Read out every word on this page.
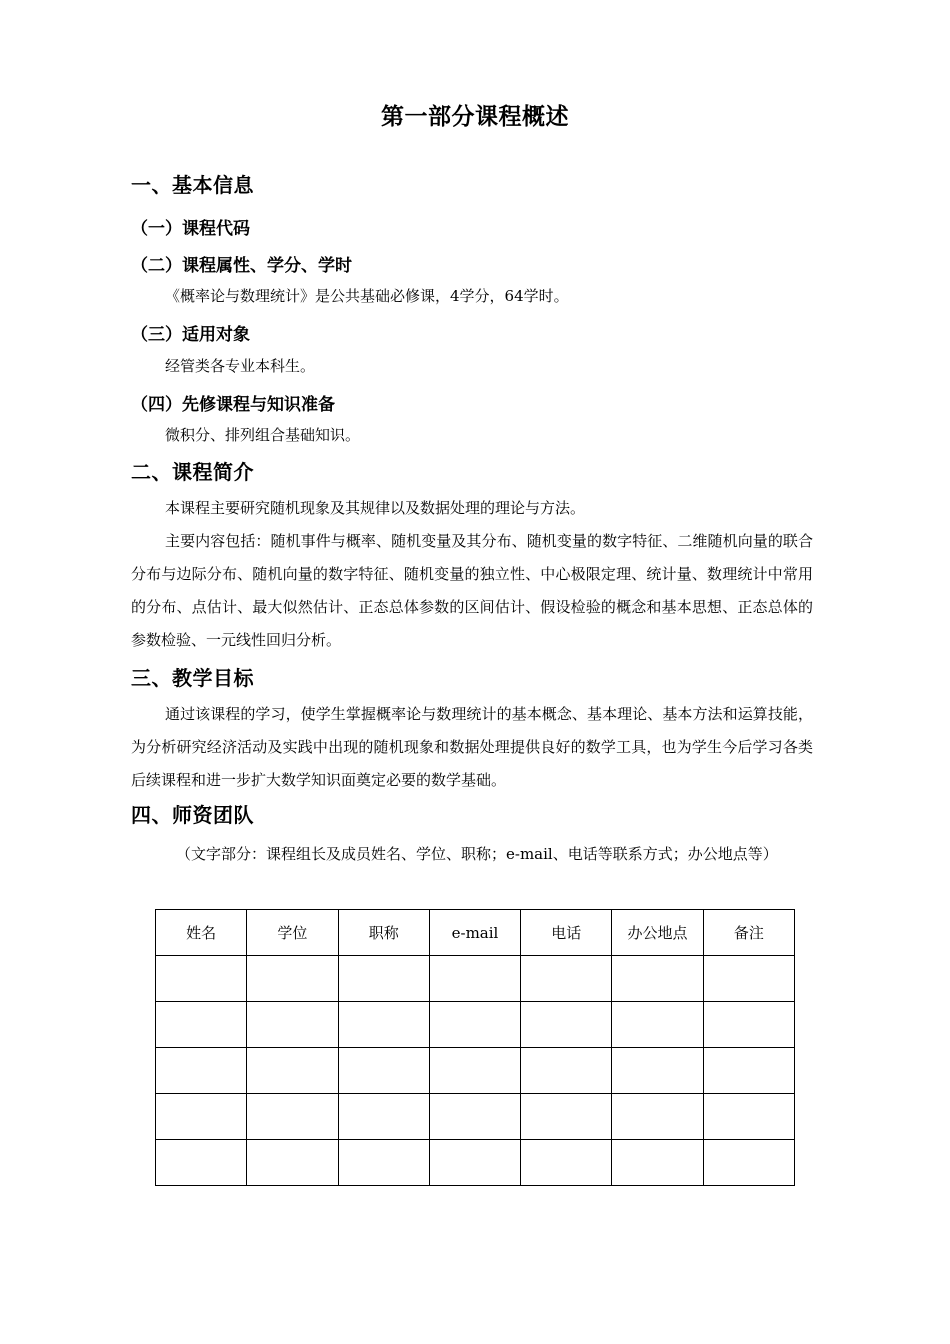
第一部分课程概述
一、基本信息
（一）课程代码
（二）课程属性、学分、学时
《概率论与数理统计》是公共基础必修课，4学分，64学时。
（三）适用对象
经管类各专业本科生。
（四）先修课程与知识准备
微积分、排列组合基础知识。
二、课程简介
本课程主要研究随机现象及其规律以及数据处理的理论与方法。
主要内容包括：随机事件与概率、随机变量及其分布、随机变量的数字特征、二维随机向量的联合分布与边际分布、随机向量的数字特征、随机变量的独立性、中心极限定理、统计量、数理统计中常用的分布、点估计、最大似然估计、正态总体参数的区间估计、假设检验的概念和基本思想、正态总体的参数检验、一元线性回归分析。
三、教学目标
通过该课程的学习，使学生掌握概率论与数理统计的基本概念、基本理论、基本方法和运算技能，为分析研究经济活动及实践中出现的随机现象和数据处理提供良好的数学工具，也为学生今后学习各类后续课程和进一步扩大数学知识面奠定必要的数学基础。
四、师资团队
（文字部分：课程组长及成员姓名、学位、职称；e-mail、电话等联系方式；办公地点等）
姓名	学位	职称	e-mail	电话	办公地点	备注
